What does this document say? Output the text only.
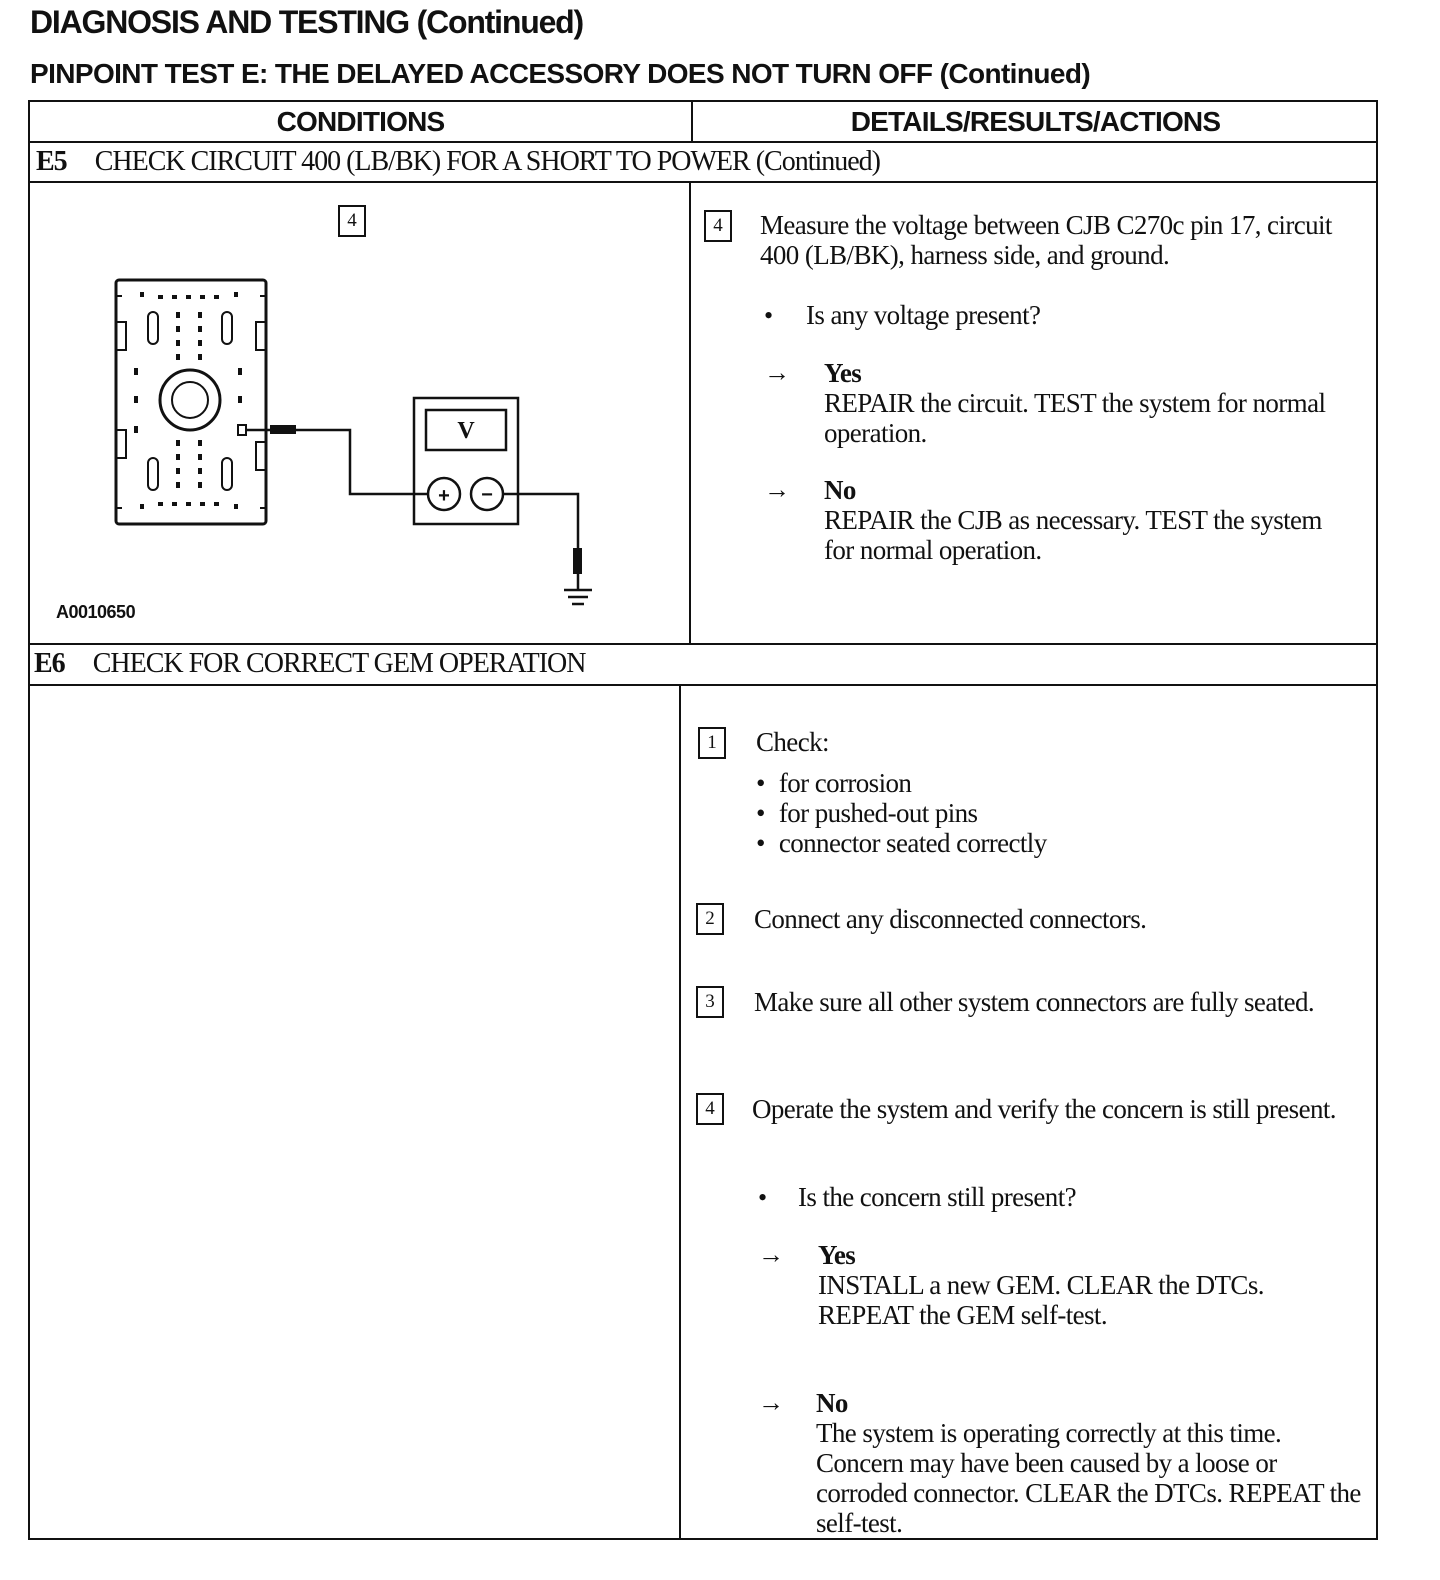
DIAGNOSIS AND TESTING (Continued)
PINPOINT TEST E: THE DELAYED ACCESSORY DOES NOT TURN OFF (Continued)
CONDITIONS	DETAILS/RESULTS/ACTIONS
E5 CHECK CIRCUIT 400 (LB/BK) FOR A SHORT TO POWER (Continued)
4
V
+ −
A0010650
4	Measure the voltage between CJB C270c pin 17, circuit 400 (LB/BK), harness side, and ground.
• Is any voltage present?
→ Yes
REPAIR the circuit. TEST the system for normal operation.
→ No
REPAIR the CJB as necessary. TEST the system for normal operation.
E6 CHECK FOR CORRECT GEM OPERATION
1	Check:
• for corrosion
• for pushed-out pins
• connector seated correctly
2	Connect any disconnected connectors.
3	Make sure all other system connectors are fully seated.
4	Operate the system and verify the concern is still present.
• Is the concern still present?
→ Yes
INSTALL a new GEM. CLEAR the DTCs. REPEAT the GEM self-test.
→ No
The system is operating correctly at this time. Concern may have been caused by a loose or corroded connector. CLEAR the DTCs. REPEAT the self-test.
